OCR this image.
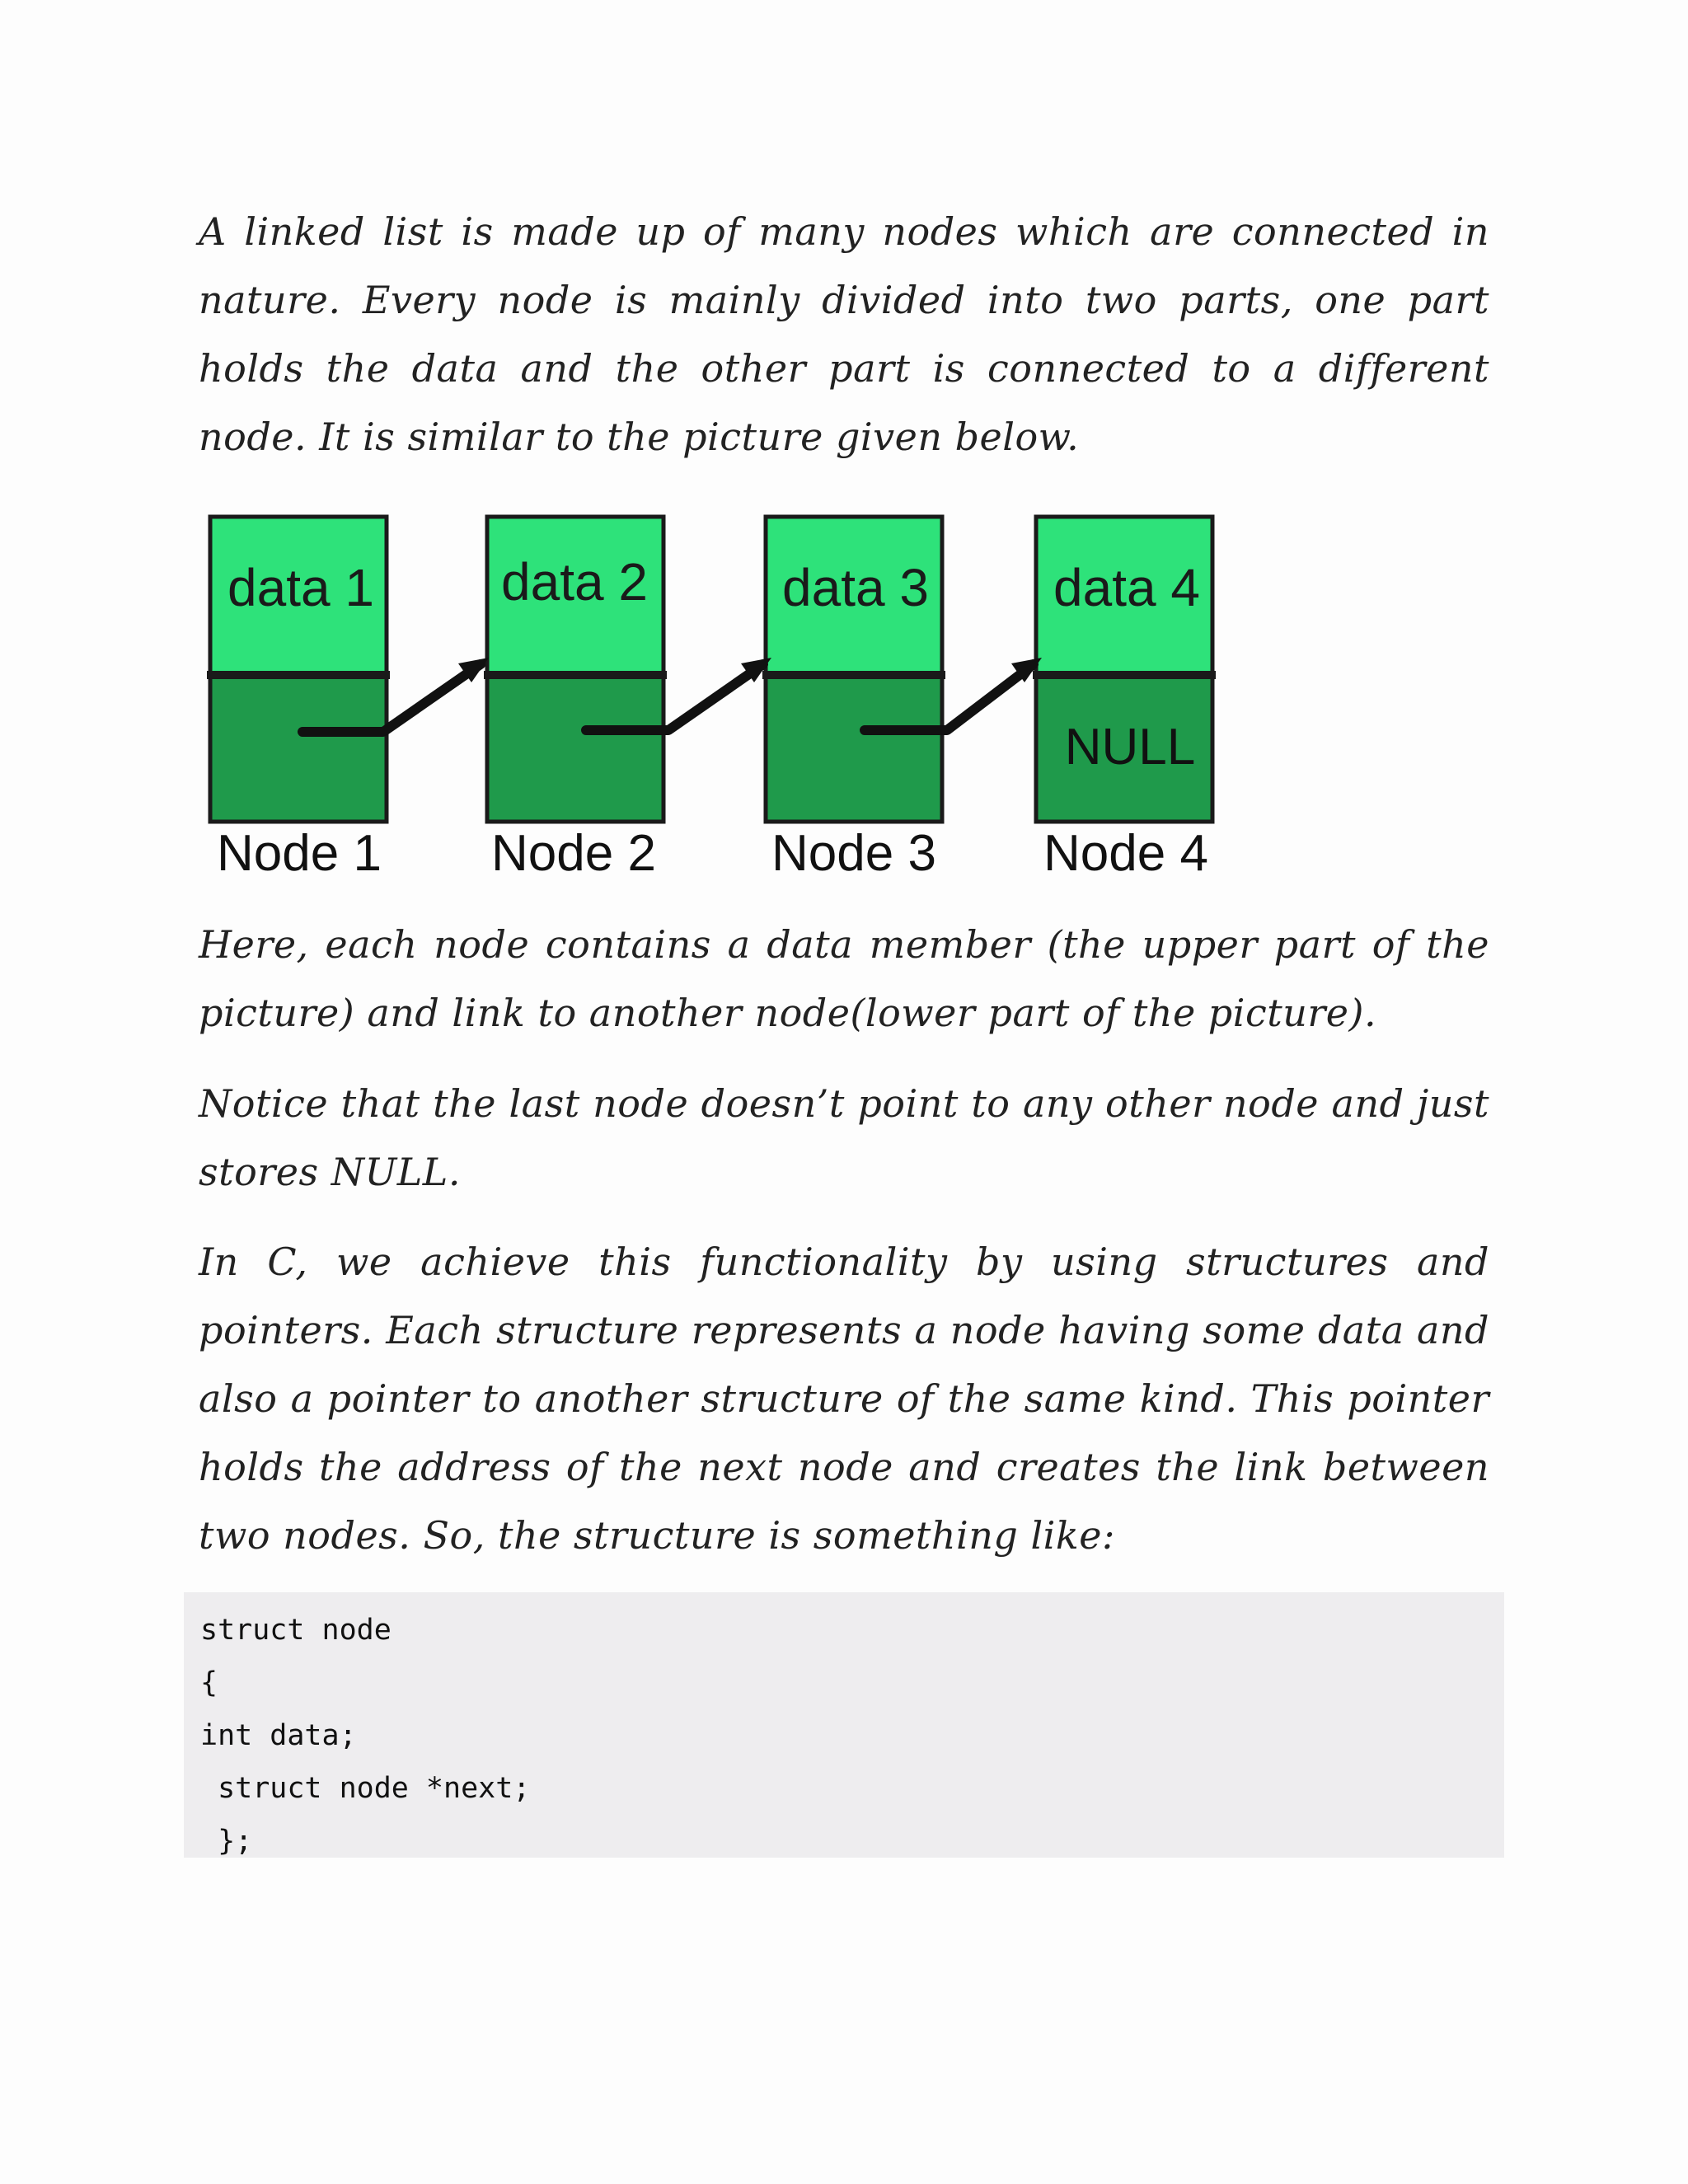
A linked list is made up of many nodes which are connected in nature. Every node is mainly divided into two parts, one part holds the data and the other part is connected to a different node. It is similar to the picture given below.

data 1
Node 1
data 2
Node 2
data 3
Node 3
data 4
NULL
Node 4

Here, each node contains a data member (the upper part of the picture) and link to another node(lower part of the picture).

Notice that the last node doesn’t point to any other node and just stores NULL.

In C, we achieve this functionality by using structures and pointers. Each structure represents a node having some data and also a pointer to another structure of the same kind. This pointer holds the address of the next node and creates the link between two nodes. So, the structure is something like:

struct node
{
int data;
struct node *next;
};
